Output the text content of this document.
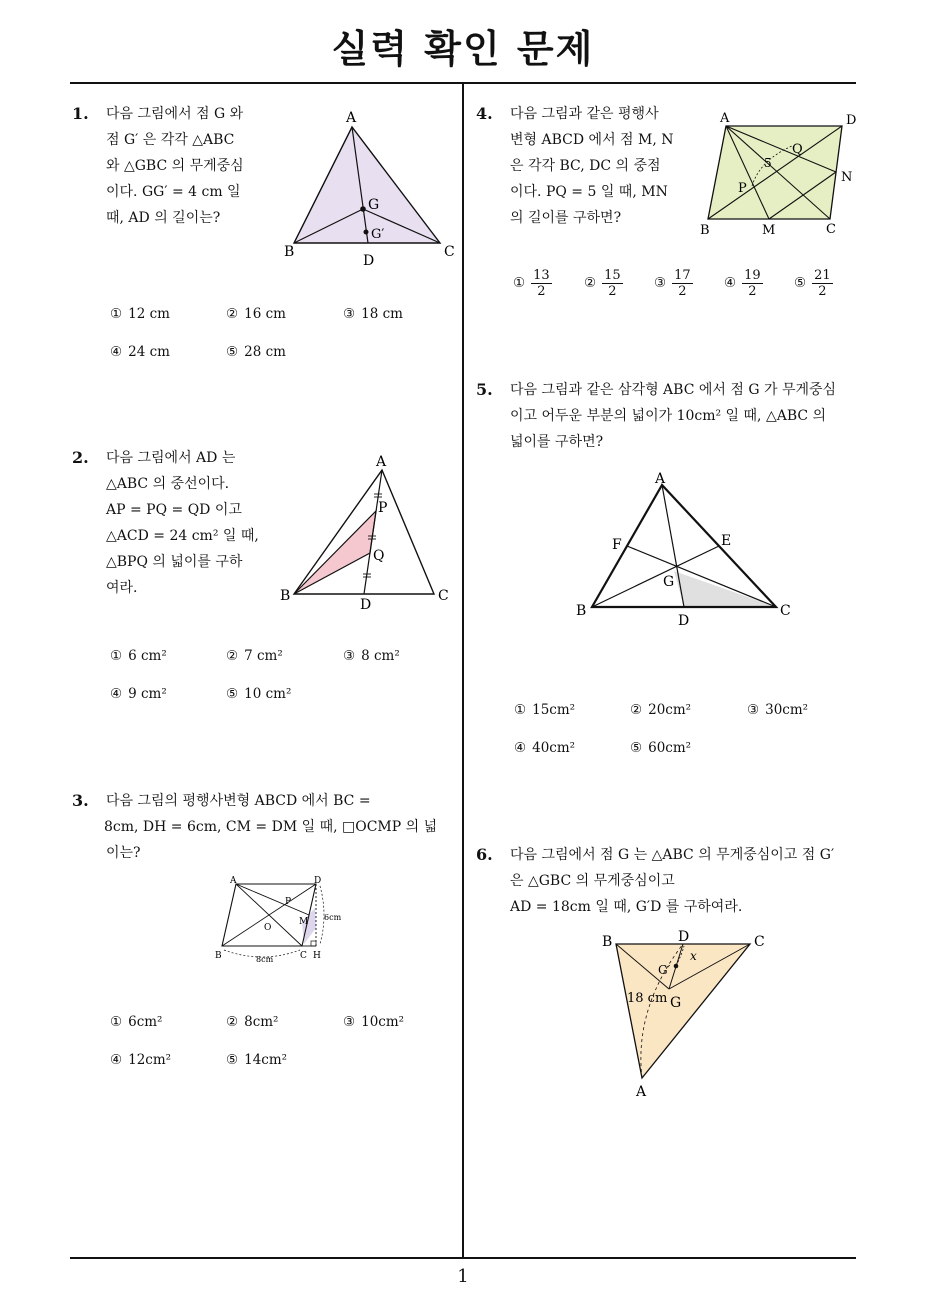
실력 확인 문제
1
1. 다음 그림에서 점 G 와
점 G′ 은 각각 △ABC
와 △GBC 의 무게중심
이다. GG′ = 4 cm 일
때, AD 의 길이는?
A
B	C
D
G
G′
① 12 cm	② 16 cm	③ 18 cm
④ 24 cm	⑤ 28 cm
2. 다음 그림에서 AD 는
△ABC 의 중선이다.
AP = PQ = QD 이고
△ACD = 24 cm² 일 때,
△BPQ 의 넓이를 구하
여라.
A
B	C
D
P
Q
① 6 cm²	② 7 cm²	③ 8 cm²
④ 9 cm²	⑤ 10 cm²
3. 다음 그림의 평행사변형 ABCD 에서 BC =
8cm, DH = 6cm, CM = DM 일 때, □OCMP 의 넓
이는?
A	D
B	C H
O
P
M 6cm
8cm
① 6cm²	② 8cm²	③ 10cm²
④ 12cm²	⑤ 14cm²
4. 다음 그림과 같은 평행사
변형 ABCD 에서 점 M, N
은 각각 BC, DC 의 중점
이다. PQ = 5 일 때, MN
의 길이를 구하면?
A	D
B	M	C
N
P
Q
5
① $\frac{13}{2}$ ② $\frac{15}{2}$ ③ $\frac{17}{2}$ ④ $\frac{19}{2}$ ⑤ $\frac{21}{2}$
5. 다음 그림과 같은 삼각형 ABC 에서 점 G 가 무게중심
이고 어두운 부분의 넓이가 10cm² 일 때, △ABC 의
넓이를 구하면?
A
B	C
D
E
F
G
① 15cm²	② 20cm²	③ 30cm²
④ 40cm²	⑤ 60cm²
6. 다음 그림에서 점 G 는 △ABC 의 무게중심이고 점 G′
은 △GBC 의 무게중심이고
AD = 18cm 일 때, G′D 를 구하여라.
B	C
D
A
G
G′
x
18 cm
